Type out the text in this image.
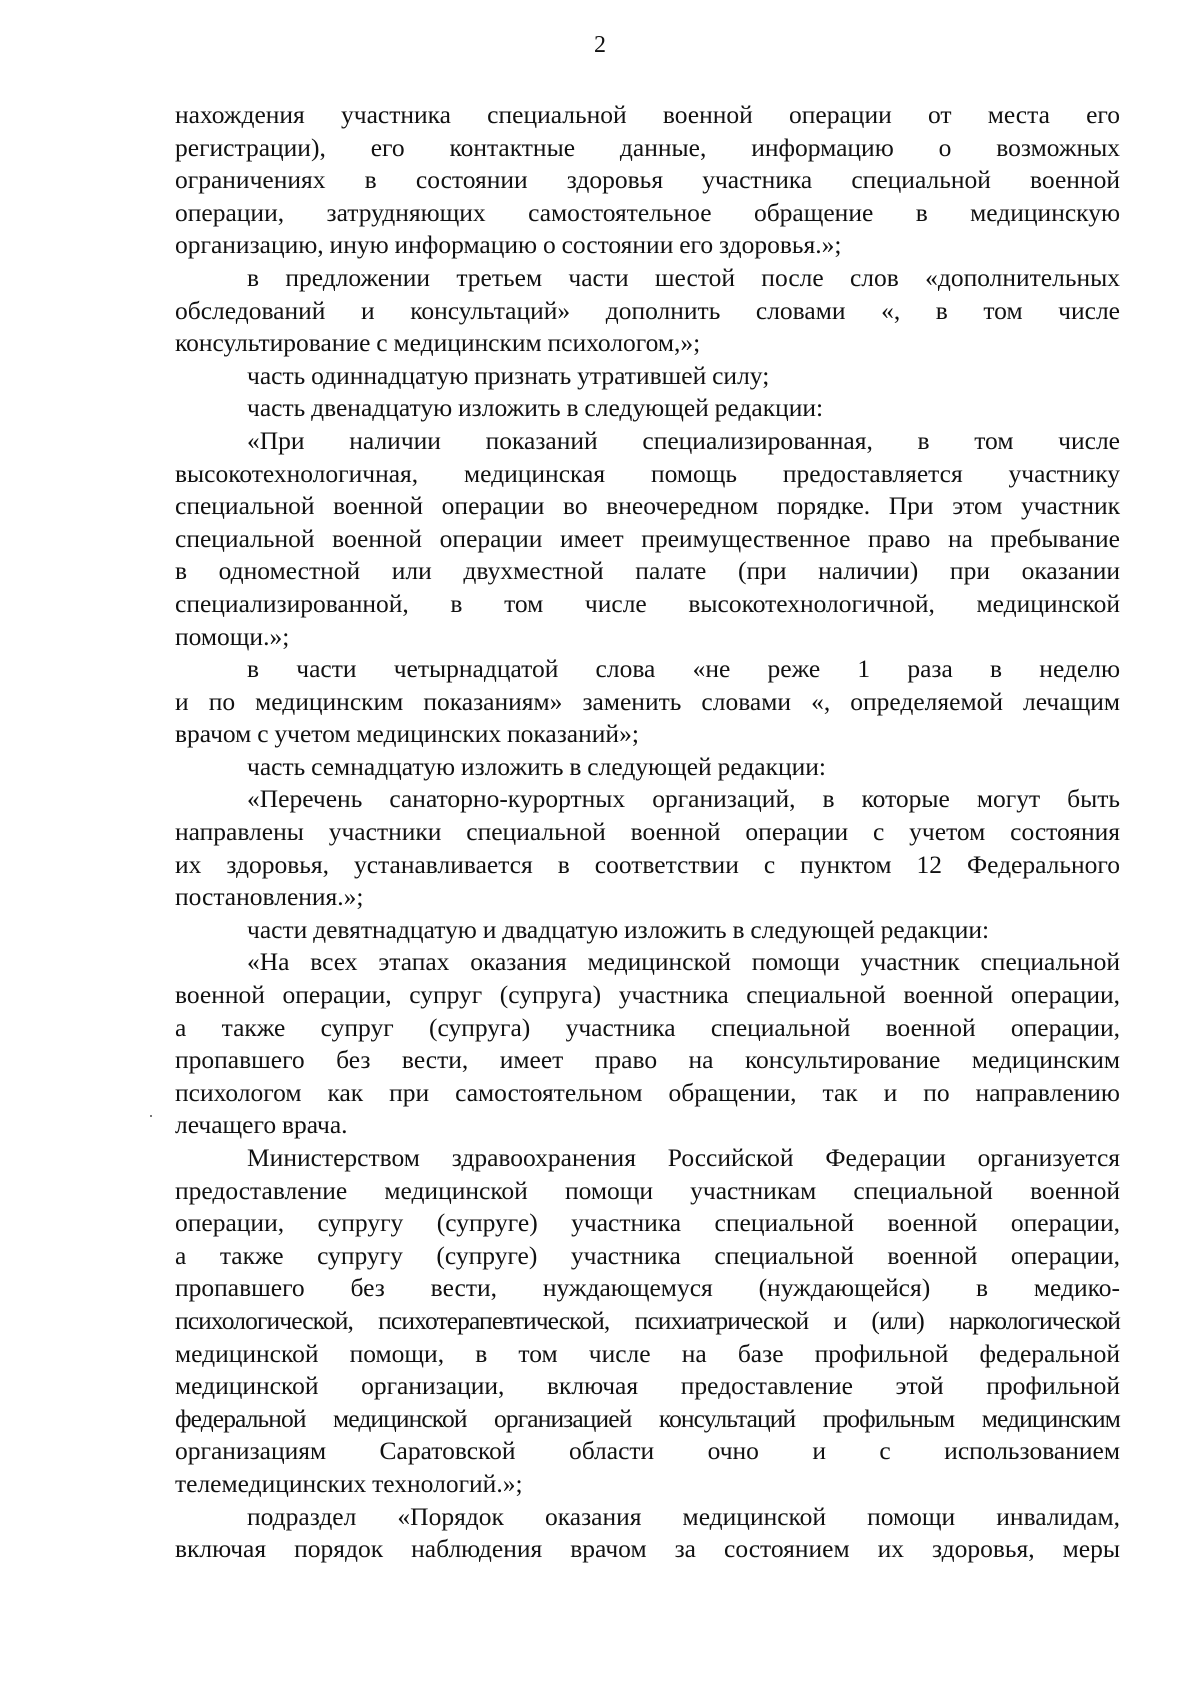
2

нахождения участника специальной военной операции от места его

регистрации), его контактные данные, информацию о возможных

ограничениях в состоянии здоровья участника специальной военной

операции, затрудняющих самостоятельное обращение в медицинскую

организацию, иную информацию о состоянии его здоровья.»;

в предложении третьем части шестой после слов «дополнительных

обследований и консультаций» дополнить словами «, в том числе

консультирование с медицинским психологом,»;

часть одиннадцатую признать утратившей силу;

часть двенадцатую изложить в следующей редакции:

«При наличии показаний специализированная, в том числе

высокотехнологичная, медицинская помощь предоставляется участнику

специальной военной операции во внеочередном порядке. При этом участник

специальной военной операции имеет преимущественное право на пребывание

в одноместной или двухместной палате (при наличии) при оказании

специализированной, в том числе высокотехнологичной, медицинской

помощи.»;

в части четырнадцатой слова «не реже 1 раза в неделю

и по медицинским показаниям» заменить словами «, определяемой лечащим

врачом с учетом медицинских показаний»;

часть семнадцатую изложить в следующей редакции:

«Перечень санаторно-курортных организаций, в которые могут быть

направлены участники специальной военной операции с учетом состояния

их здоровья, устанавливается в соответствии с пунктом 12 Федерального

постановления.»;

части девятнадцатую и двадцатую изложить в следующей редакции:

«На всех этапах оказания медицинской помощи участник специальной

военной операции, супруг (супруга) участника специальной военной операции,

а также супруг (супруга) участника специальной военной операции,

пропавшего без вести, имеет право на консультирование медицинским

психологом как при самостоятельном обращении, так и по направлению

лечащего врача.

Министерством здравоохранения Российской Федерации организуется

предоставление медицинской помощи участникам специальной военной

операции, супругу (супруге) участника специальной военной операции,

а также супругу (супруге) участника специальной военной операции,

пропавшего без вести, нуждающемуся (нуждающейся) в медико-

психологической, психотерапевтической, психиатрической и (или) наркологической

медицинской помощи, в том числе на базе профильной федеральной

медицинской организации, включая предоставление этой профильной

федеральной медицинской организацией консультаций профильным медицинским

организациям Саратовской области очно и с использованием

телемедицинских технологий.»;

подраздел «Порядок оказания медицинской помощи инвалидам,

включая порядок наблюдения врачом за состоянием их здоровья, меры
